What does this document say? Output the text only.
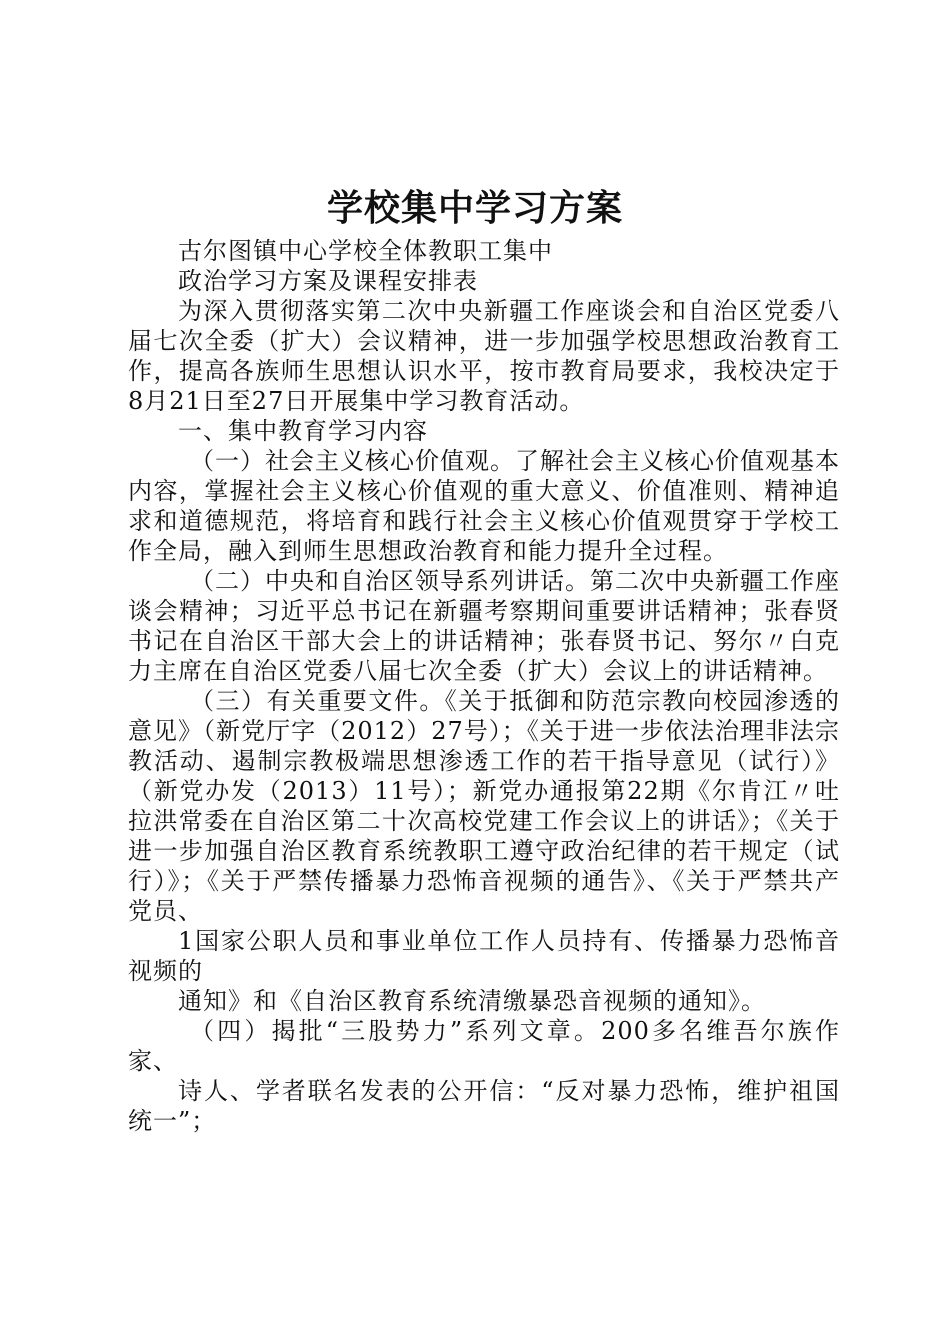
学校集中学习方案

古尔图镇中心学校全体教职工集中

政治学习方案及课程安排表

为深入贯彻落实第二次中央新疆工作座谈会和自治区党委八届七次全委（扩大）会议精神，进一步加强学校思想政治教育工作，提高各族师生思想认识水平，按市教育局要求，我校决定于8月21日至27日开展集中学习教育活动。

一、集中教育学习内容

（一）社会主义核心价值观。了解社会主义核心价值观基本内容，掌握社会主义核心价值观的重大意义、价值准则、精神追求和道德规范，将培育和践行社会主义核心价值观贯穿于学校工作全局，融入到师生思想政治教育和能力提升全过程。

（二）中央和自治区领导系列讲话。第二次中央新疆工作座谈会精神；习近平总书记在新疆考察期间重要讲话精神；张春贤书记在自治区干部大会上的讲话精神；张春贤书记、努尔〃白克力主席在自治区党委八届七次全委（扩大）会议上的讲话精神。

（三）有关重要文件。《关于抵御和防范宗教向校园渗透的意见》（新党厅字（2012）27号）；《关于进一步依法治理非法宗教活动、遏制宗教极端思想渗透工作的若干指导意见（试行）》（新党办发（2013）11号）；新党办通报第22期《尔肯江〃吐拉洪常委在自治区第二十次高校党建工作会议上的讲话》；《关于进一步加强自治区教育系统教职工遵守政治纪律的若干规定（试行）》；《关于严禁传播暴力恐怖音视频的通告》、《关于严禁共产党员、

1国家公职人员和事业单位工作人员持有、传播暴力恐怖音视频的

通知》和《自治区教育系统清缴暴恐音视频的通知》。

（四）揭批“三股势力”系列文章。200多名维吾尔族作家、

诗人、学者联名发表的公开信：“反对暴力恐怖，维护祖国统一”；
